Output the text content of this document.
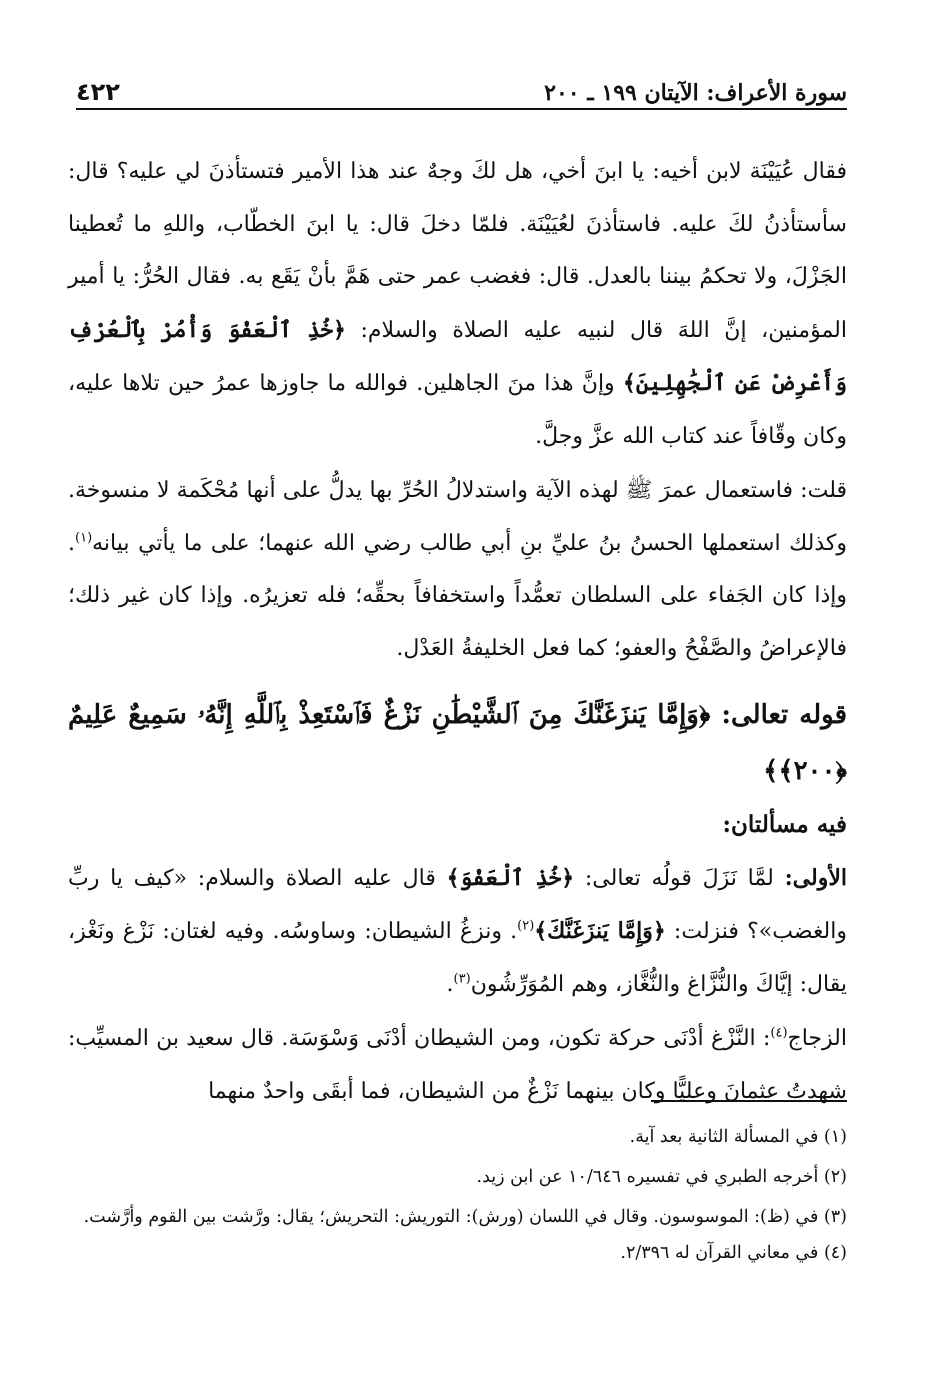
سورة الأعراف: الآيتان ١٩٩ ـ ٢٠٠
٤٢٢

فقال عُيَيْنَة لابن أخيه: يا ابنَ أخي، هل لكَ وجهٌ عند هذا الأمير فتستأذنَ لي عليه؟ قال: سأستأذنُ لكَ عليه. فاستأذنَ لعُيَيْنَة. فلمّا دخلَ قال: يا ابنَ الخطّاب، واللهِ ما تُعطينا الجَزْلَ، ولا تحكمُ بيننا بالعدل. قال: فغضب عمر حتى هَمَّ بأنْ يَقَع به. فقال الحُرُّ: يا أمير المؤمنين، إنَّ اللهَ قال لنبيه عليه الصلاة والسلام: ﴿خُذِ ٱلْعَفْوَ وَأْمُرْ بِٱلْعُرْفِ وَأَعْرِضْ عَنِ ٱلْجَٰهِلِينَ﴾ وإنَّ هذا منَ الجاهلين. فوالله ما جاوزها عمرُ حين تلاها عليه، وكان وقّافاً عند كتاب الله عزَّ وجلَّ.

قلت: فاستعمال عمرَ ﷺ لهذه الآية واستدلالُ الحُرِّ بها يدلُّ على أنها مُحْكَمة لا منسوخة. وكذلك استعملها الحسنُ بنُ عليِّ بنِ أبي طالب رضي الله عنهما؛ على ما يأتي بيانه$^{(١)}$. وإذا كان الجَفاء على السلطان تعمُّداً واستخفافاً بحقِّه؛ فله تعزيرُه. وإذا كان غير ذلك؛ فالإعراضُ والصَّفْحُ والعفو؛ كما فعل الخليفةُ العَدْل.

قوله تعالى: ﴿وَإِمَّا يَنزَغَنَّكَ مِنَ ٱلشَّيْطَٰنِ نَزْغٌ فَٱسْتَعِذْ بِٱللَّهِ إِنَّهُۥ سَمِيعٌ عَلِيمٌ ﴿٢٠٠﴾﴾

فيه مسألتان:

الأولى: لمَّا نَزَلَ قولُه تعالى: ﴿خُذِ ٱلْعَفْوَ﴾ قال عليه الصلاة والسلام: «كيف يا ربِّ والغضب»؟ فنزلت: ﴿وَإِمَّا يَنزَغَنَّكَ﴾$^{(٢)}$. ونزغُ الشيطان: وساوسُه. وفيه لغتان: نَزْغ ونَغْز، يقال: إيَّاكَ والنُّزَّاغ والنُّغَّاز، وهم المُوَرِّشُون$^{(٣)}$.

الزجاج$^{(٤)}$: النَّزْغ أدْنَى حركة تكون، ومن الشيطان أدْنَى وَسْوَسَة. قال سعيد بن المسيِّب: شهدتُ عثمانَ وعليًّا وكان بينهما نَزْغٌ من الشيطان، فما أبقَى واحدٌ منهما

(١) في المسألة الثانية بعد آية.

(٢) أخرجه الطبري في تفسيره ١٠/٦٤٦ عن ابن زيد.

(٣) في (ظ): الموسوسون. وقال في اللسان (ورش): التوريش: التحريش؛ يقال: ورَّشت بين القوم وأرَّشت.

(٤) في معاني القرآن له ٢/٣٩٦.
